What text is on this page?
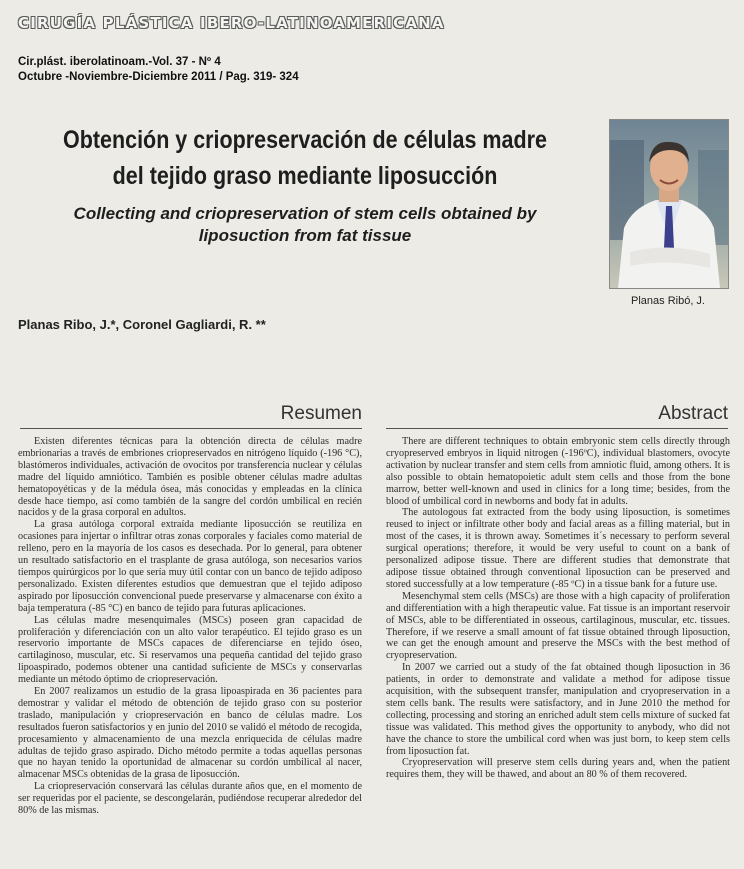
CIRUGÍA PLÁSTICA IBERO-LATINOAMERICANA
Cir.plást. iberolatinoam.-Vol. 37 - Nº 4
Octubre -Noviembre-Diciembre 2011 / Pag. 319- 324
Obtención y criopreservación de células madre
del tejido graso mediante liposucción
Collecting and criopreservation of stem cells obtained by
liposuction from fat tissue
Planas Ribó, J.
Planas Ribo, J.*, Coronel Gagliardi, R. **
Resumen	Abstract

Existen diferentes técnicas para la obtención directa de células madre embrionarias a través de embriones criopreservados en nitrógeno líquido (-196 °C), blastómeros individuales, activación de ovocitos por transferencia nuclear y células madre del líquido amniótico. También es posible obtener células madre adultas hematopoyéticas y de la médula ósea, más conocidas y empleadas en la clínica desde hace tiempo, así como también de la sangre del cordón umbilical en recién nacidos y de la grasa corporal en adultos.

La grasa autóloga corporal extraída mediante liposucción se reutiliza en ocasiones para injertar o infiltrar otras zonas corporales y faciales como material de relleno, pero en la mayoría de los casos es desechada. Por lo general, para obtener un resultado satisfactorio en el trasplante de grasa autóloga, son necesarios varios tiempos quirúrgicos por lo que sería muy útil contar con un banco de tejido adiposo personalizado. Existen diferentes estudios que demuestran que el tejido adiposo aspirado por liposucción convencional puede preservarse y almacenarse con éxito a baja temperatura (-85 °C) en banco de tejido para futuras aplicaciones.

Las células madre mesenquimales (MSCs) poseen gran capacidad de proliferación y diferenciación con un alto valor terapéutico. El tejido graso es un reservorio importante de MSCs capaces de diferenciarse en tejido óseo, cartilaginoso, muscular, etc. Si reservamos una pequeña cantidad del tejido graso lipoaspirado, podemos obtener una cantidad suficiente de MSCs y conservarlas mediante un método óptimo de criopreservación.

En 2007 realizamos un estudio de la grasa lipoaspirada en 36 pacientes para demostrar y validar el método de obtención de tejido graso con su posterior traslado, manipulación y criopreservación en banco de células madre. Los resultados fueron satisfactorios y en junio del 2010 se validó el método de recogida, procesamiento y almacenamiento de una mezcla enriquecida de células madre adultas de tejido graso aspirado. Dicho método permite a todas aquellas personas que no hayan tenido la oportunidad de almacenar su cordón umbilical al nacer, almacenar MSCs obtenidas de la grasa de liposucción.

La criopreservación conservará las células durante años que, en el momento de ser requeridas por el paciente, se descongelarán, pudiéndose recuperar alrededor del 80% de las mismas.

There are different techniques to obtain embryonic stem cells directly through cryopreserved embryos in liquid nitrogen (-196ºC), individual blastomers, ovocyte activation by nuclear transfer and stem cells from amniotic fluid, among others. It is also possible to obtain hematopoietic adult stem cells and those from the bone marrow, better well-known and used in clinics for a long time; besides, from the blood of umbilical cord in newborns and body fat in adults.

The autologous fat extracted from the body using liposuction, is sometimes reused to inject or infiltrate other body and facial areas as a filling material, but in most of the cases, it is thrown away. Sometimes it´s necessary to perform several surgical operations; therefore, it would be very useful to count on a bank of personalized adipose tissue. There are different studies that demonstrate that adipose tissue obtained through conventional liposuction can be preserved and stored successfully at a low temperature (-85 ºC) in a tissue bank for a future use.

Mesenchymal stem cells (MSCs) are those with a high capacity of proliferation and differentiation with a high therapeutic value. Fat tissue is an important reservoir of MSCs, able to be differentiated in osseous, cartilaginous, muscular, etc. tissues. Therefore, if we reserve a small amount of fat tissue obtained through liposuction, we can get the enough amount and preserve the MSCs with the best method of cryopreservation.

In 2007 we carried out a study of the fat obtained though liposuction in 36 patients, in order to demonstrate and validate a method for adipose tissue acquisition, with the subsequent transfer, manipulation and cryopreservation in a stem cells bank. The results were satisfactory, and in June 2010 the method for collecting, processing and storing an enriched adult stem cells mixture of sucked fat tissue was validated. This method gives the opportunity to anybody, who did not have the chance to store the umbilical cord when was just born, to keep stem cells from liposuction fat.

Cryopreservation will preserve stem cells during years and, when the patient requires them, they will be thawed, and about an 80 % of them recovered.
